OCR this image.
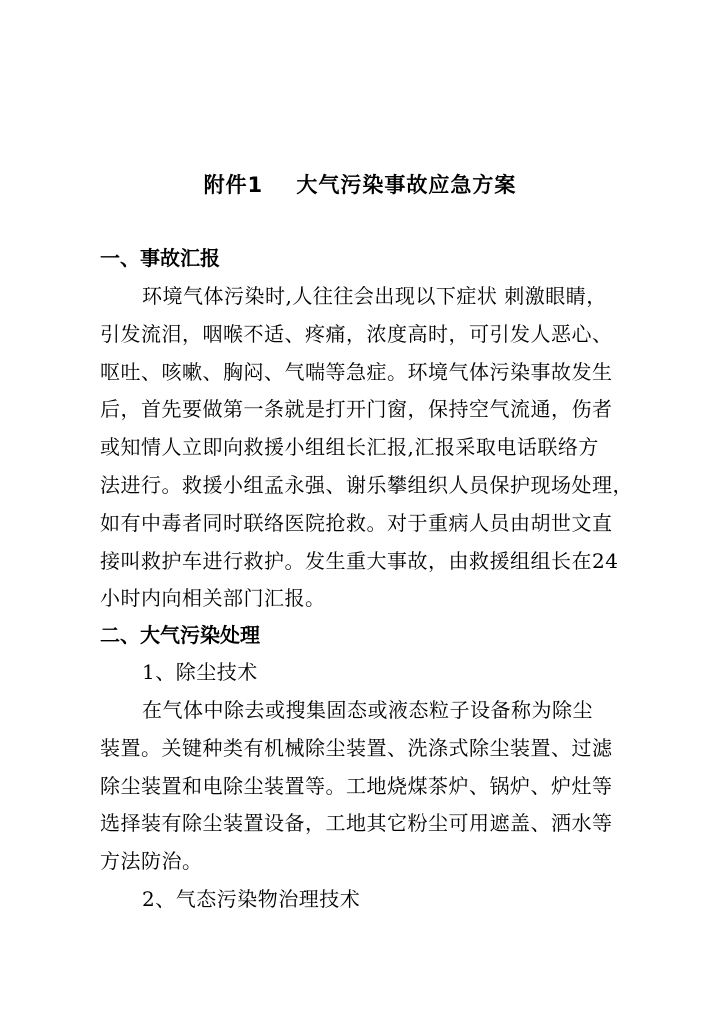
附件1    大气污染事故应急方案
一、事故汇报
环境气体污染时,人往往会出现以下症状 刺激眼睛，
引发流泪，咽喉不适、疼痛，浓度高时，可引发人恶心、
呕吐、咳嗽、胸闷、气喘等急症。环境气体污染事故发生
后，首先要做第一条就是打开门窗，保持空气流通，伤者
或知情人立即向救援小组组长汇报,汇报采取电话联络方
法进行。救援小组孟永强、谢乐攀组织人员保护现场处理，
如有中毒者同时联络医院抢救。对于重病人员由胡世文直
接叫救护车进行救护。发生重大事故，由救援组组长在24
小时内向相关部门汇报。
二、大气污染处理
1、除尘技术
在气体中除去或搜集固态或液态粒子设备称为除尘
装置。关键种类有机械除尘装置、洗涤式除尘装置、过滤
除尘装置和电除尘装置等。工地烧煤茶炉、锅炉、炉灶等
选择装有除尘装置设备，工地其它粉尘可用遮盖、洒水等
方法防治。
2、气态污染物治理技术
